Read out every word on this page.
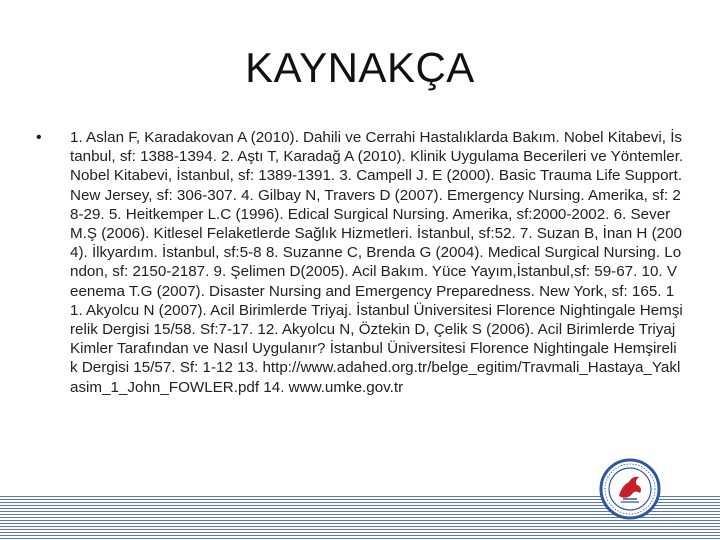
KAYNAKÇA
• 1. Aslan F, Karadakovan A (2010). Dahili ve Cerrahi Hastalıklarda Bakım. Nobel Kitabevi, İstanbul, sf: 1388-1394. 2. Aştı T, Karadağ A (2010). Klinik Uygulama Becerileri ve Yöntemler. Nobel Kitabevi, İstanbul, sf: 1389-1391. 3. Campell J. E (2000). Basic Trauma Life Support. New Jersey, sf: 306-307. 4. Gilbay N, Travers D (2007). Emergency Nursing. Amerika, sf: 28-29. 5. Heitkemper L.C (1996). Edical Surgical Nursing. Amerika, sf:2000-2002. 6. Sever M.Ş (2006). Kitlesel Felaketlerde Sağlık Hizmetleri. İstanbul, sf:52. 7. Suzan B, İnan H (2004). İlkyardım. İstanbul, sf:5-8 8. Suzanne C, Brenda G (2004). Medical Surgical Nursing. London, sf: 2150-2187. 9. Şelimen D(2005). Acil Bakım. Yüce Yayım,İstanbul,sf: 59-67. 10. Veenema T.G (2007). Disaster Nursing and Emergency Preparedness. New York, sf: 165. 11. Akyolcu N (2007). Acil Birimlerde Triyaj. İstanbul Üniversitesi Florence Nightingale Hemşirelik Dergisi 15/58. Sf:7-17. 12. Akyolcu N, Öztekin D, Çelik S (2006). Acil Birimlerde Triyaj Kimler Tarafından ve Nasıl Uygulanır? İstanbul Üniversitesi Florence Nightingale Hemşirelik Dergisi 15/57. Sf: 1-12 13. http://www.adahed.org.tr/belge_egitim/Travmali_Hastaya_Yaklasim_1_John_FOWLER.pdf 14. www.umke.gov.tr
